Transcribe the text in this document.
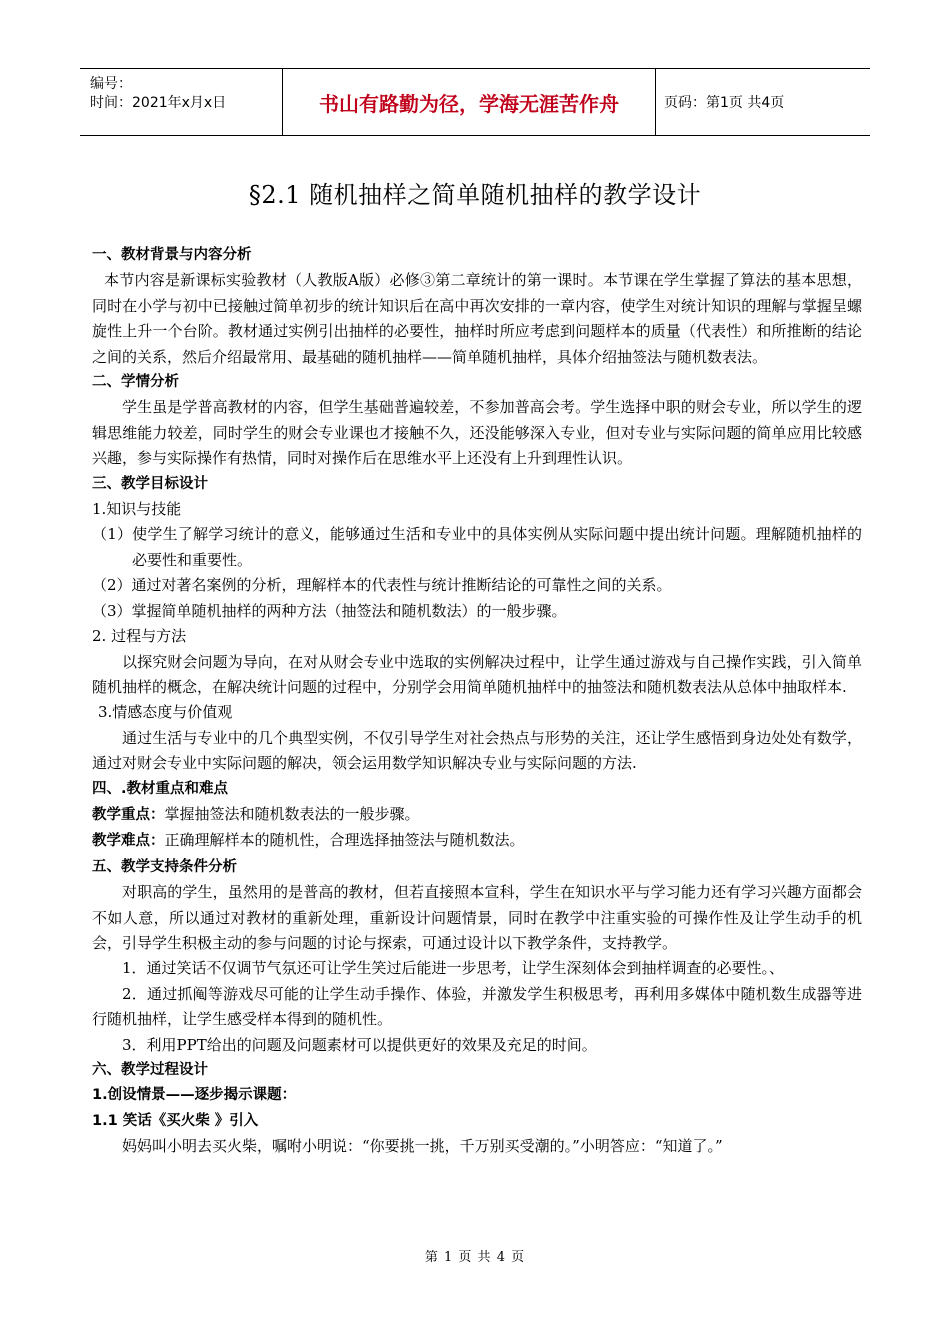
编号：
时间：2021年x月x日	书山有路勤为径，学海无涯苦作舟	页码：第1页 共4页
§2.1 随机抽样之简单随机抽样的教学设计

一、教材背景与内容分析

本节内容是新课标实验教材（人教版A版）必修③第二章统计的第一课时。本节课在学生掌握了算法的基本思想，同时在小学与初中已接触过简单初步的统计知识后在高中再次安排的一章内容，使学生对统计知识的理解与掌握呈螺旋性上升一个台阶。教材通过实例引出抽样的必要性，抽样时所应考虑到问题样本的质量（代表性）和所推断的结论之间的关系，然后介绍最常用、最基础的随机抽样——简单随机抽样，具体介绍抽签法与随机数表法。

二、学情分析

学生虽是学普高教材的内容，但学生基础普遍较差，不参加普高会考。学生选择中职的财会专业，所以学生的逻辑思维能力较差，同时学生的财会专业课也才接触不久，还没能够深入专业，但对专业与实际问题的简单应用比较感兴趣，参与实际操作有热情，同时对操作后在思维水平上还没有上升到理性认识。

三、教学目标设计

1.知识与技能

（1）使学生了解学习统计的意义，能够通过生活和专业中的具体实例从实际问题中提出统计问题。理解随机抽样的必要性和重要性。

（2）通过对著名案例的分析，理解样本的代表性与统计推断结论的可靠性之间的关系。

（3）掌握简单随机抽样的两种方法（抽签法和随机数法）的一般步骤。

2. 过程与方法

以探究财会问题为导向，在对从财会专业中选取的实例解决过程中，让学生通过游戏与自己操作实践，引入简单随机抽样的概念，在解决统计问题的过程中，分别学会用简单随机抽样中的抽签法和随机数表法从总体中抽取样本.

3.情感态度与价值观

通过生活与专业中的几个典型实例，不仅引导学生对社会热点与形势的关注，还让学生感悟到身边处处有数学，通过对财会专业中实际问题的解决，领会运用数学知识解决专业与实际问题的方法.

四、.教材重点和难点

教学重点：掌握抽签法和随机数表法的一般步骤。

教学难点：正确理解样本的随机性，合理选择抽签法与随机数法。

五、教学支持条件分析

对职高的学生，虽然用的是普高的教材，但若直接照本宣科，学生在知识水平与学习能力还有学习兴趣方面都会不如人意，所以通过对教材的重新处理，重新设计问题情景，同时在教学中注重实验的可操作性及让学生动手的机会，引导学生积极主动的参与问题的讨论与探索，可通过设计以下教学条件，支持教学。

1．通过笑话不仅调节气氛还可让学生笑过后能进一步思考，让学生深刻体会到抽样调查的必要性。、

2．通过抓阄等游戏尽可能的让学生动手操作、体验，并激发学生积极思考，再利用多媒体中随机数生成器等进行随机抽样，让学生感受样本得到的随机性。

3．利用PPT给出的问题及问题素材可以提供更好的效果及充足的时间。

六、教学过程设计

1.创设情景——逐步揭示课题：

1.1 笑话《买火柴 》引入

妈妈叫小明去买火柴，嘱咐小明说：“你要挑一挑，千万别买受潮的。”小明答应：“知道了。”

第 1 页 共 4 页
